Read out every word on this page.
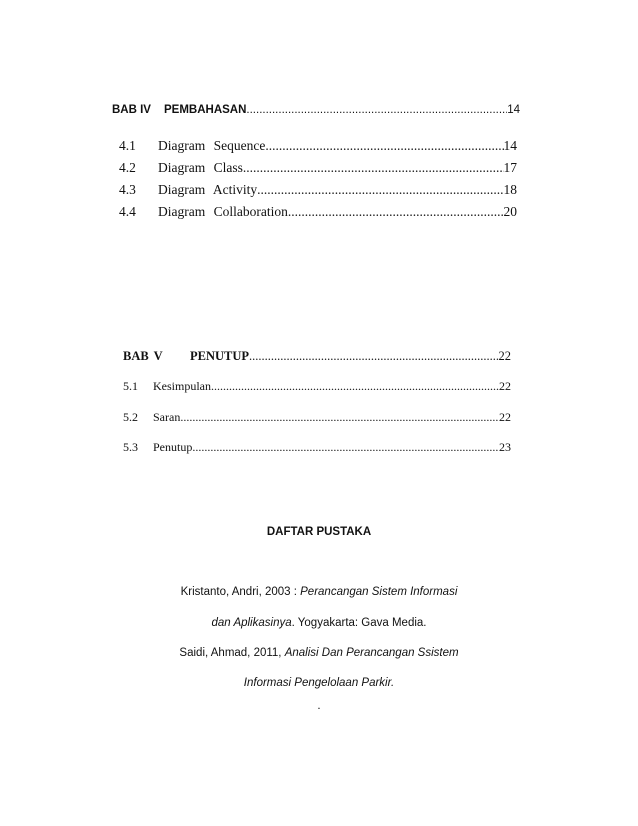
BAB IV	PEMBAHASAN .....	14
4.1	Diagram Sequence .....	14
4.2	Diagram Class .....	17
4.3	Diagram Activity .....	18
4.4	Diagram Collaboration .....	20
BAB V	PENUTUP .....	22
5.1	Kesimpulan .....	22
5.2	Saran .....	22
5.3	Penutup .....	23
DAFTAR PUSTAKA
Kristanto, Andri, 2003 : Perancangan Sistem Informasi
dan Aplikasinya. Yogyakarta: Gava Media.
Saidi, Ahmad, 2011, Analisi Dan Perancangan Ssistem
Informasi Pengelolaan Parkir.
.
